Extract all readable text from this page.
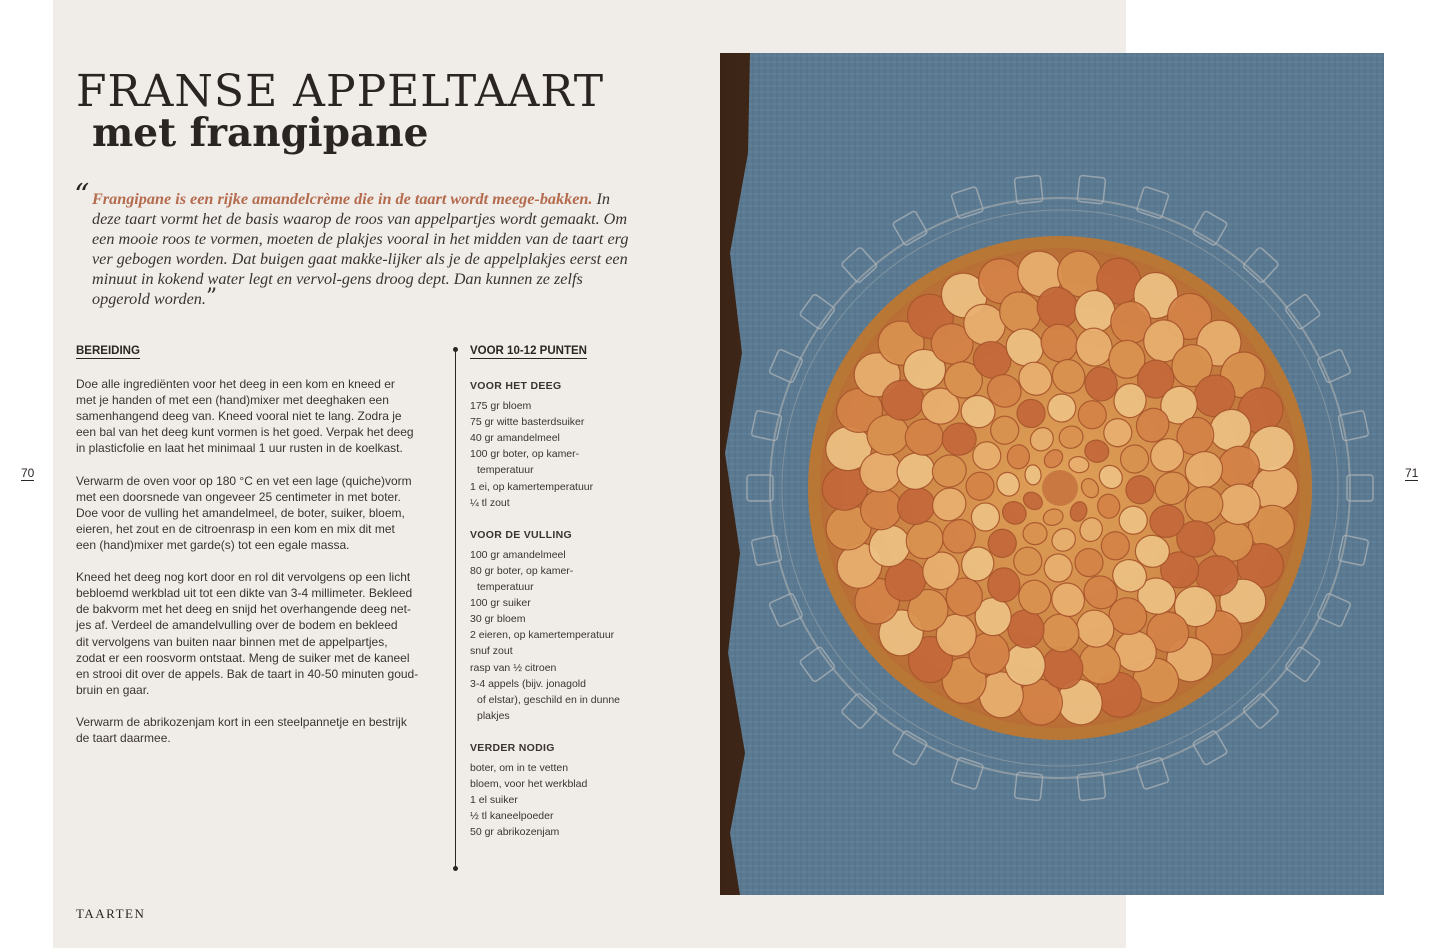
FRANSE APPELTAART
met frangipane
“ Frangipane is een rijke amandelcrème die in de taart wordt meege-bakken. In deze taart vormt het de basis waarop de roos van appelpartjes wordt gemaakt. Om een mooie roos te vormen, moeten de plakjes vooral in het midden van de taart erg ver gebogen worden. Dat buigen gaat makke-lijker als je de appelplakjes eerst een minuut in kokend water legt en vervol-gens droog dept. Dan kunnen ze zelfs opgerold worden.”

BEREIDING

Doe alle ingrediënten voor het deeg in een kom en kneed er
met je handen of met een (hand)mixer met deeghaken een
samenhangend deeg van. Kneed vooral niet te lang. Zodra je
een bal van het deeg kunt vormen is het goed. Verpak het deeg
in plasticfolie en laat het minimaal 1 uur rusten in de koelkast.

Verwarm de oven voor op 180 °C en vet een lage (quiche)vorm
met een doorsnede van ongeveer 25 centimeter in met boter.
Doe voor de vulling het amandelmeel, de boter, suiker, bloem,
eieren, het zout en de citroenrasp in een kom en mix dit met
een (hand)mixer met garde(s) tot een egale massa.

Kneed het deeg nog kort door en rol dit vervolgens op een licht
bebloemd werkblad uit tot een dikte van 3-4 millimeter. Bekleed
de bakvorm met het deeg en snijd het overhangende deeg net-
jes af. Verdeel de amandelvulling over de bodem en bekleed
dit vervolgens van buiten naar binnen met de appelpartjes,
zodat er een roosvorm ontstaat. Meng de suiker met de kaneel
en strooi dit over de appels. Bak de taart in 40-50 minuten goud-
bruin en gaar.

Verwarm de abrikozenjam kort in een steelpannetje en bestrijk
de taart daarmee.

VOOR 10-12 PUNTEN
VOOR HET DEEG
175 gr bloem
75 gr witte basterdsuiker
40 gr amandelmeel
100 gr boter, op kamer-
temperatuur
1 ei, op kamertemperatuur
¼ tl zout
VOOR DE VULLING
100 gr amandelmeel
80 gr boter, op kamer-
temperatuur
100 gr suiker
30 gr bloem
2 eieren, op kamertemperatuur
snuf zout
rasp van ½ citroen
3-4 appels (bijv. jonagold
of elstar), geschild en in dunne
plakjes
VERDER NODIG
boter, om in te vetten
bloem, voor het werkblad
1 el suiker
½ tl kaneelpoeder
50 gr abrikozenjam
70	71
TAARTEN
